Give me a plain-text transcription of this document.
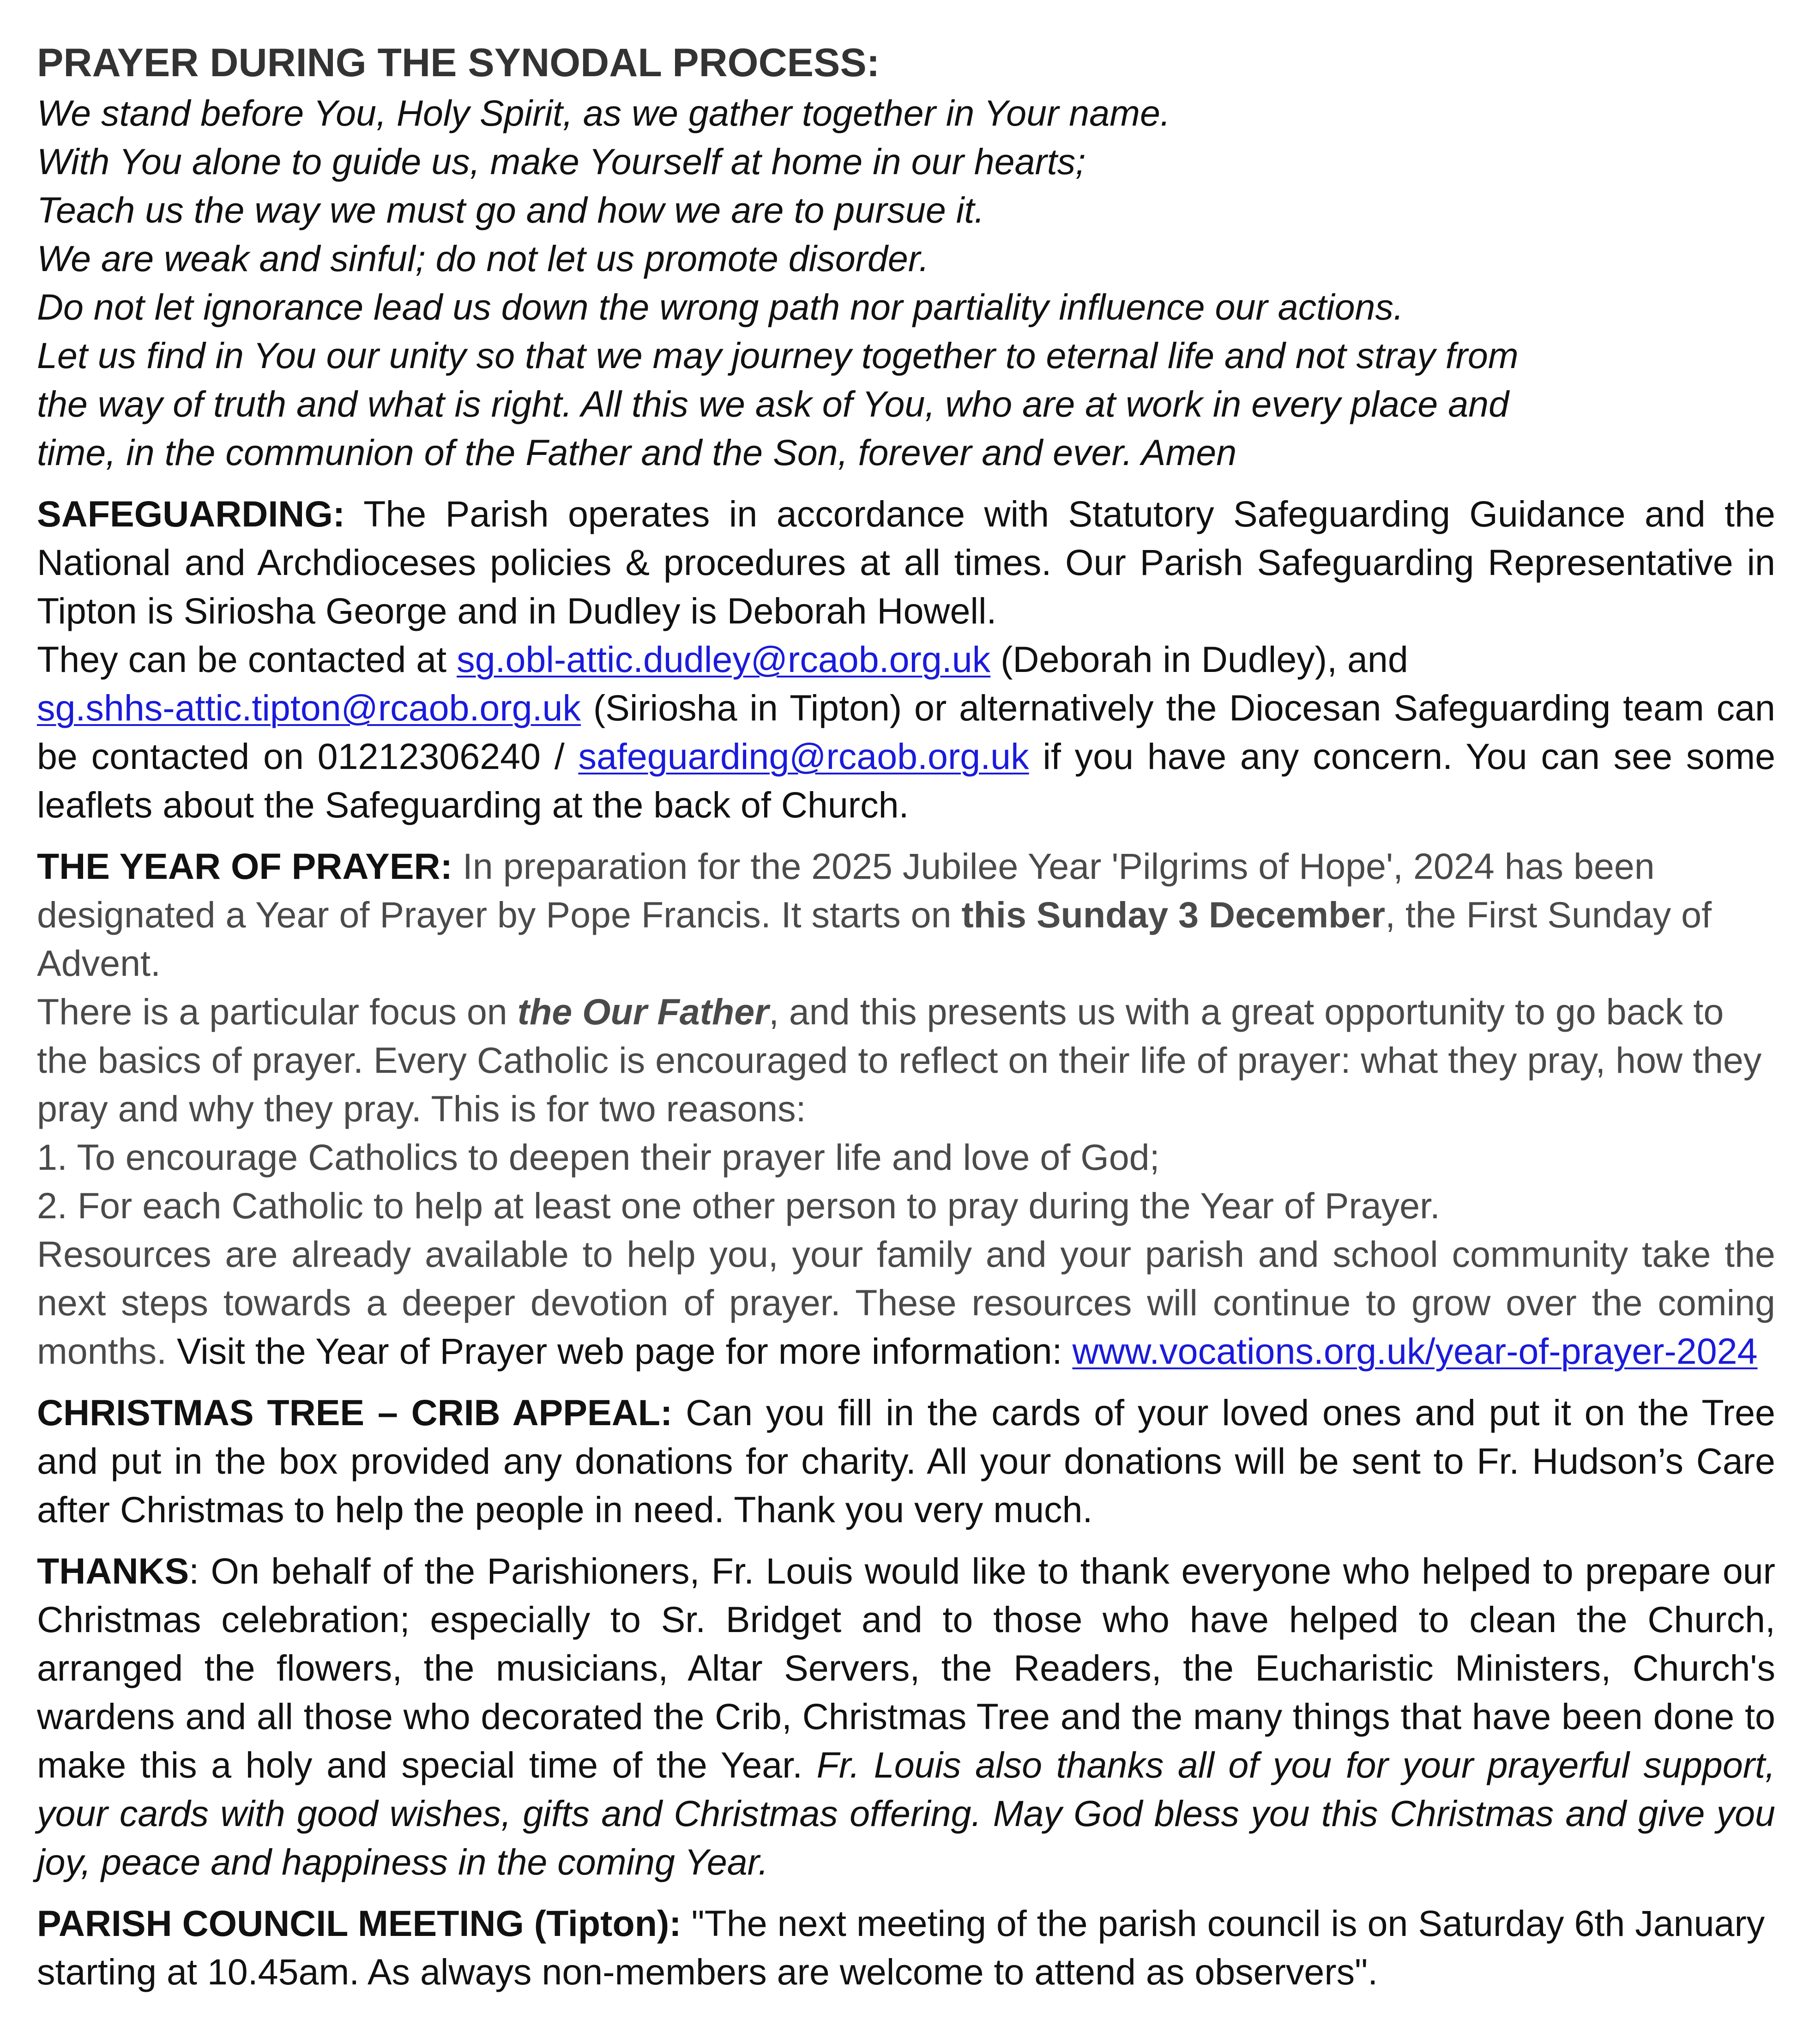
PRAYER DURING THE SYNODAL PROCESS:
We stand before You, Holy Spirit, as we gather together in Your name.
With You alone to guide us, make Yourself at home in our hearts;
Teach us the way we must go and how we are to pursue it.
We are weak and sinful; do not let us promote disorder.
Do not let ignorance lead us down the wrong path nor partiality influence our actions.
Let us find in You our unity so that we may journey together to eternal life and not stray from
the way of truth and what is right. All this we ask of You, who are at work in every place and
time, in the communion of the Father and the Son, forever and ever. Amen
SAFEGUARDING: The Parish operates in accordance with Statutory Safeguarding Guidance and the National and Archdioceses policies & procedures at all times. Our Parish Safeguarding Representative in Tipton is Siriosha George and in Dudley is Deborah Howell.
They can be contacted at sg.obl-attic.dudley@rcaob.org.uk (Deborah in Dudley), and
sg.shhs-attic.tipton@rcaob.org.uk (Siriosha in Tipton) or alternatively the Diocesan Safeguarding team can be contacted on 01212306240 / safeguarding@rcaob.org.uk if you have any concern. You can see some leaflets about the Safeguarding at the back of Church.
THE YEAR OF PRAYER: In preparation for the 2025 Jubilee Year 'Pilgrims of Hope', 2024 has been designated a Year of Prayer by Pope Francis. It starts on this Sunday 3 December, the First Sunday of Advent.
There is a particular focus on the Our Father, and this presents us with a great opportunity to go back to the basics of prayer. Every Catholic is encouraged to reflect on their life of prayer: what they pray, how they pray and why they pray. This is for two reasons:
1. To encourage Catholics to deepen their prayer life and love of God;
2. For each Catholic to help at least one other person to pray during the Year of Prayer.
Resources are already available to help you, your family and your parish and school community take the next steps towards a deeper devotion of prayer. These resources will continue to grow over the coming months. Visit the Year of Prayer web page for more information: www.vocations.org.uk/year-of-prayer-2024
CHRISTMAS TREE – CRIB APPEAL: Can you fill in the cards of your loved ones and put it on the Tree and put in the box provided any donations for charity. All your donations will be sent to Fr. Hudson’s Care after Christmas to help the people in need. Thank you very much.
THANKS: On behalf of the Parishioners, Fr. Louis would like to thank everyone who helped to prepare our Christmas celebration; especially to Sr. Bridget and to those who have helped to clean the Church, arranged the flowers, the musicians, Altar Servers, the Readers, the Eucharistic Ministers, Church's wardens and all those who decorated the Crib, Christmas Tree and the many things that have been done to make this a holy and special time of the Year. Fr. Louis also thanks all of you for your prayerful support, your cards with good wishes, gifts and Christmas offering. May God bless you this Christmas and give you joy, peace and happiness in the coming Year.
PARISH COUNCIL MEETING (Tipton): "The next meeting of the parish council is on Saturday 6th January
starting at 10.45am. As always non-members are welcome to attend as observers".
